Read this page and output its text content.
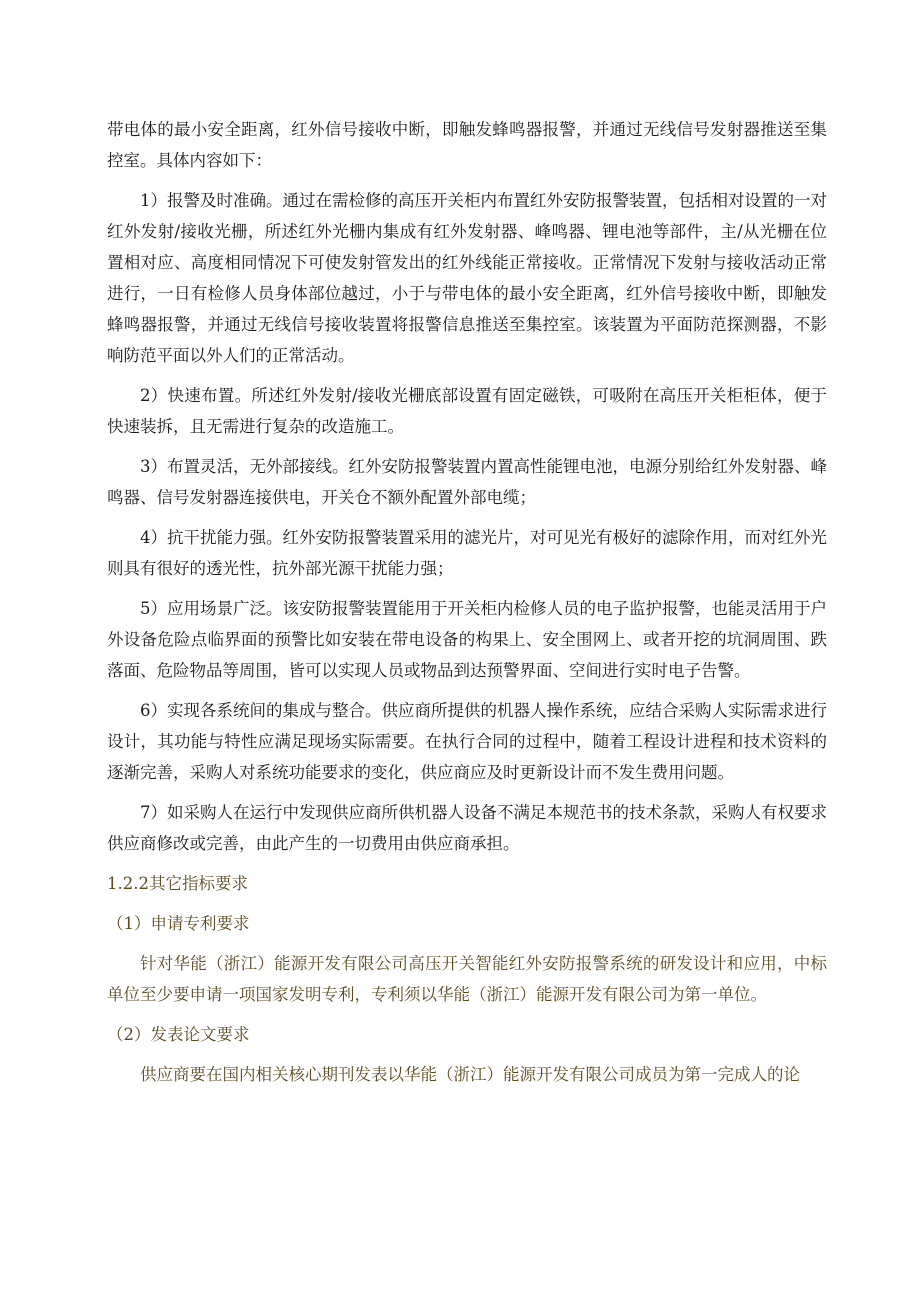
带电体的最小安全距离，红外信号接收中断，即触发蜂鸣器报警，并通过无线信号发射器推送至集控室。具体内容如下：

1）报警及时准确。通过在需检修的高压开关柜内布置红外安防报警装置，包括相对设置的一对红外发射/接收光栅，所述红外光栅内集成有红外发射器、峰鸣器、锂电池等部件，主/从光栅在位置相对应、高度相同情况下可使发射管发出的红外线能正常接收。正常情况下发射与接收活动正常进行，一日有检修人员身体部位越过，小于与带电体的最小安全距离，红外信号接收中断，即触发蜂鸣器报警，并通过无线信号接收装置将报警信息推送至集控室。该装置为平面防范探测器，不影响防范平面以外人们的正常活动。

2）快速布置。所述红外发射/接收光栅底部设置有固定磁铁，可吸附在高压开关柜柜体，便于快速装拆，且无需进行复杂的改造施工。

3）布置灵活，无外部接线。红外安防报警装置内置高性能锂电池，电源分别给红外发射器、峰鸣器、信号发射器连接供电，开关仓不额外配置外部电缆；

4）抗干扰能力强。红外安防报警装置采用的滤光片，对可见光有极好的滤除作用，而对红外光则具有很好的透光性，抗外部光源干扰能力强；

5）应用场景广泛。该安防报警装置能用于开关柜内检修人员的电子监护报警，也能灵活用于户外设备危险点临界面的预警比如安装在带电设备的构果上、安全围网上、或者开挖的坑洞周围、跌落面、危险物品等周围，皆可以实现人员或物品到达预警界面、空间进行实时电子告警。

6）实现各系统间的集成与整合。供应商所提供的机器人操作系统，应结合采购人实际需求进行设计，其功能与特性应满足现场实际需要。在执行合同的过程中，随着工程设计进程和技术资料的逐渐完善，采购人对系统功能要求的变化，供应商应及时更新设计而不发生费用问题。

7）如采购人在运行中发现供应商所供机器人设备不满足本规范书的技术条款，采购人有权要求供应商修改或完善，由此产生的一切费用由供应商承担。

1.2.2其它指标要求
（1）申请专利要求

针对华能（浙江）能源开发有限公司高压开关智能红外安防报警系统的研发设计和应用，中标单位至少要申请一项国家发明专利，专利须以华能（浙江）能源开发有限公司为第一单位。

（2）发表论文要求

供应商要在国内相关核心期刊发表以华能（浙江）能源开发有限公司成员为第一完成人的论
